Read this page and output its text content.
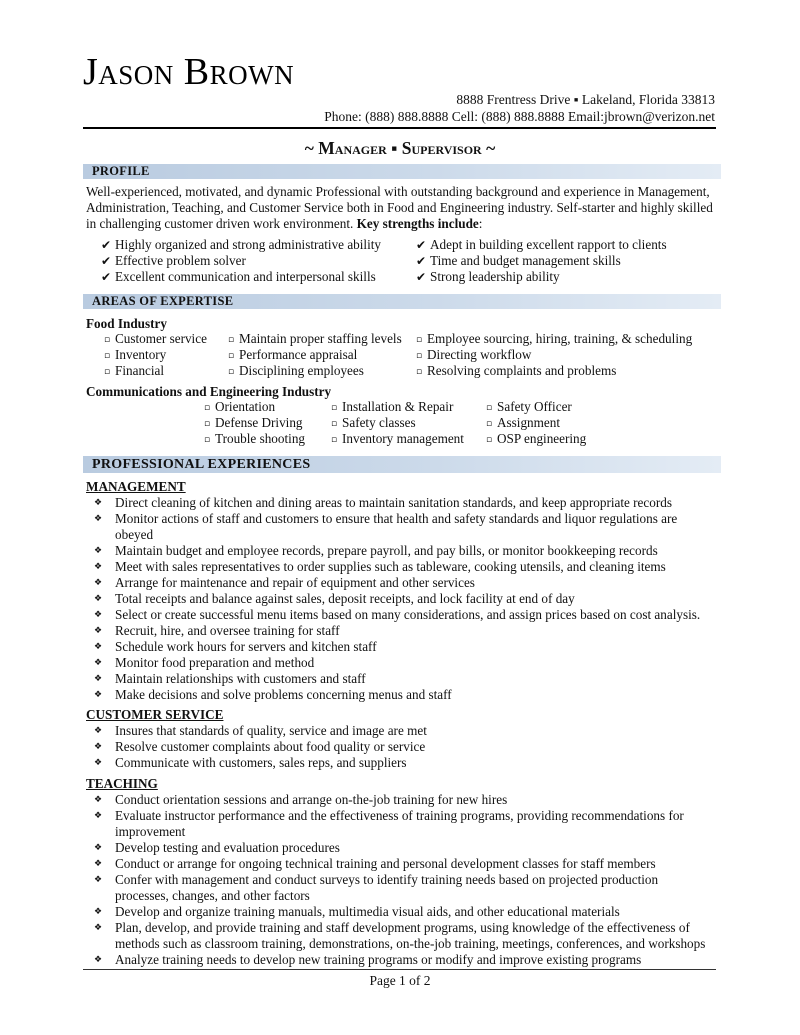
Jason Brown
8888 Frentress Drive ▪ Lakeland, Florida 33813
Phone: (888) 888.8888 Cell: (888) 888.8888 Email:jbrown@verizon.net
~ Manager ▪ Supervisor ~
PROFILE
Well-experienced, motivated, and dynamic Professional with outstanding background and experience in Management,
Administration, Teaching, and Customer Service both in Food and Engineering industry. Self-starter and highly skilled
in challenging customer driven work environment. Key strengths include:
✔ Highly organized and strong administrative ability
✔ Effective problem solver
✔ Excellent communication and interpersonal skills
✔ Adept in building excellent rapport to clients
✔ Time and budget management skills
✔ Strong leadership ability
AREAS OF EXPERTISE
Food Industry
▫ Customer service
▫ Inventory
▫ Financial
▫ Maintain proper staffing levels
▫ Performance appraisal
▫ Disciplining employees
▫ Employee sourcing, hiring, training, & scheduling
▫ Directing workflow
▫ Resolving complaints and problems
Communications and Engineering Industry
▫ Orientation
▫ Defense Driving
▫ Trouble shooting
▫ Installation & Repair
▫ Safety classes
▫ Inventory management
▫ Safety Officer
▫ Assignment
▫ OSP engineering
PROFESSIONAL EXPERIENCES
MANAGEMENT
❖ Direct cleaning of kitchen and dining areas to maintain sanitation standards, and keep appropriate records
❖ Monitor actions of staff and customers to ensure that health and safety standards and liquor regulations are obeyed
❖ Maintain budget and employee records, prepare payroll, and pay bills, or monitor bookkeeping records
❖ Meet with sales representatives to order supplies such as tableware, cooking utensils, and cleaning items
❖ Arrange for maintenance and repair of equipment and other services
❖ Total receipts and balance against sales, deposit receipts, and lock facility at end of day
❖ Select or create successful menu items based on many considerations, and assign prices based on cost analysis.
❖ Recruit, hire, and oversee training for staff
❖ Schedule work hours for servers and kitchen staff
❖ Monitor food preparation and method
❖ Maintain relationships with customers and staff
❖ Make decisions and solve problems concerning menus and staff
CUSTOMER SERVICE
❖ Insures that standards of quality, service and image are met
❖ Resolve customer complaints about food quality or service
❖ Communicate with customers, sales reps, and suppliers
TEACHING
❖ Conduct orientation sessions and arrange on-the-job training for new hires
❖ Evaluate instructor performance and the effectiveness of training programs, providing recommendations for improvement
❖ Develop testing and evaluation procedures
❖ Conduct or arrange for ongoing technical training and personal development classes for staff members
❖ Confer with management and conduct surveys to identify training needs based on projected production processes, changes, and other factors
❖ Develop and organize training manuals, multimedia visual aids, and other educational materials
❖ Plan, develop, and provide training and staff development programs, using knowledge of the effectiveness of methods such as classroom training, demonstrations, on-the-job training, meetings, conferences, and workshops
❖ Analyze training needs to develop new training programs or modify and improve existing programs
Page 1 of 2
